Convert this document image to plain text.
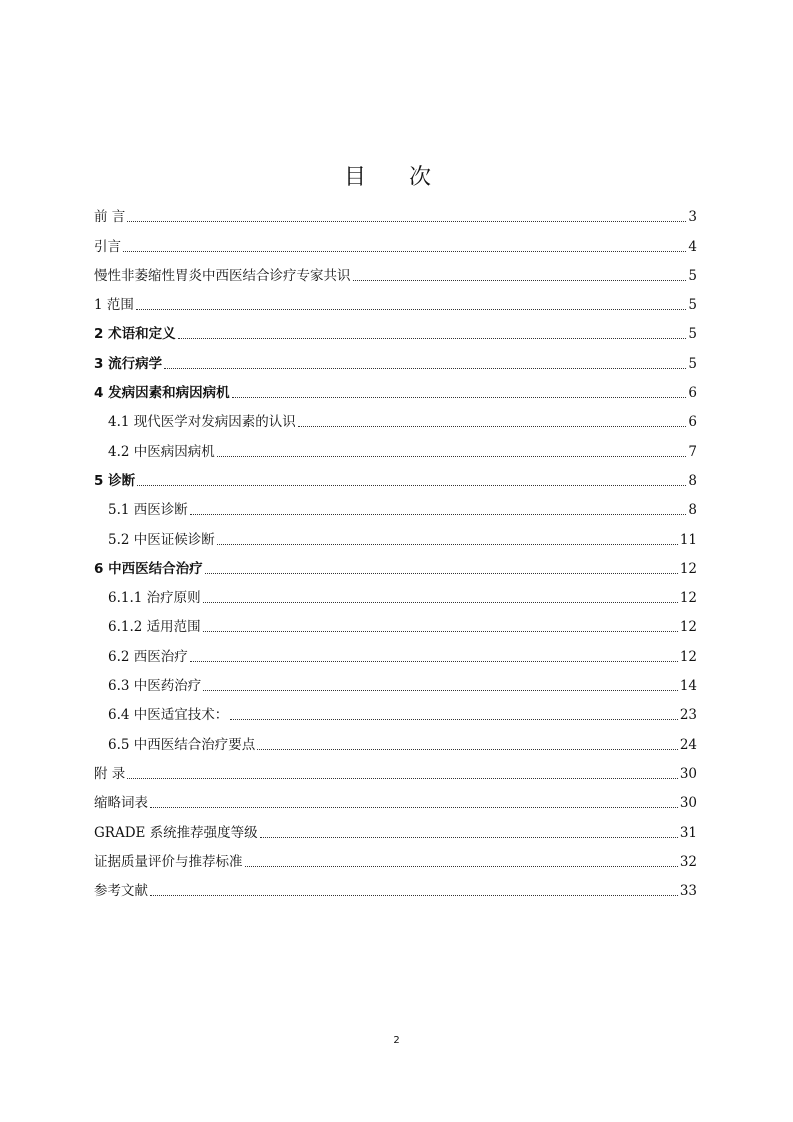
目 次
前 言	3
引言	4
慢性非萎缩性胃炎中西医结合诊疗专家共识	5
1 范围	5
2 术语和定义	5
3 流行病学	5
4 发病因素和病因病机	6
4.1 现代医学对发病因素的认识	6
4.2 中医病因病机	7
5 诊断	8
5.1 西医诊断	8
5.2 中医证候诊断	11
6 中西医结合治疗	12
6.1.1 治疗原则	12
6.1.2 适用范围	12
6.2 西医治疗	12
6.3 中医药治疗	14
6.4 中医适宜技术：	23
6.5 中西医结合治疗要点	24
附 录	30
缩略词表	30
GRADE 系统推荐强度等级	31
证据质量评价与推荐标准	32
参考文献	33
2
